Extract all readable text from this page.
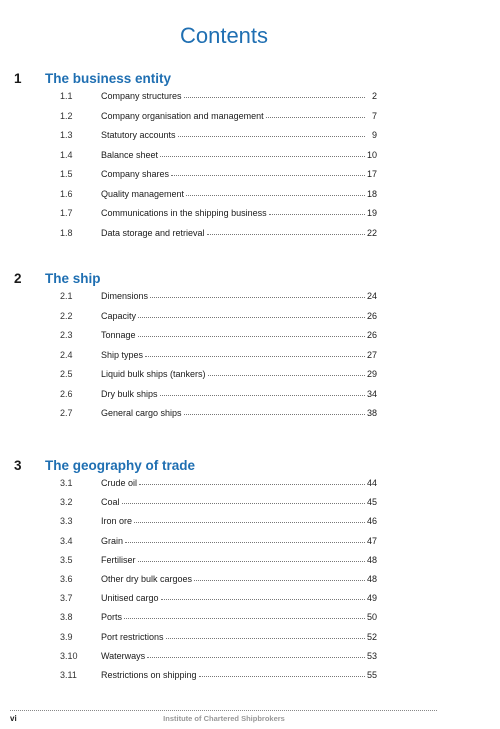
Contents
1 The business entity
1.1	Company structures	2
1.2	Company organisation and management	7
1.3	Statutory accounts	9
1.4	Balance sheet	10
1.5	Company shares	17
1.6	Quality management	18
1.7	Communications in the shipping business	19
1.8	Data storage and retrieval	22
2 The ship
2.1	Dimensions	24
2.2	Capacity	26
2.3	Tonnage	26
2.4	Ship types	27
2.5	Liquid bulk ships (tankers)	29
2.6	Dry bulk ships	34
2.7	General cargo ships	38
3 The geography of trade
3.1	Crude oil	44
3.2	Coal	45
3.3	Iron ore	46
3.4	Grain	47
3.5	Fertiliser	48
3.6	Other dry bulk cargoes	48
3.7	Unitised cargo	49
3.8	Ports	50
3.9	Port restrictions	52
3.10	Waterways	53
3.11	Restrictions on shipping	55
vi	Institute of Chartered Shipbrokers
